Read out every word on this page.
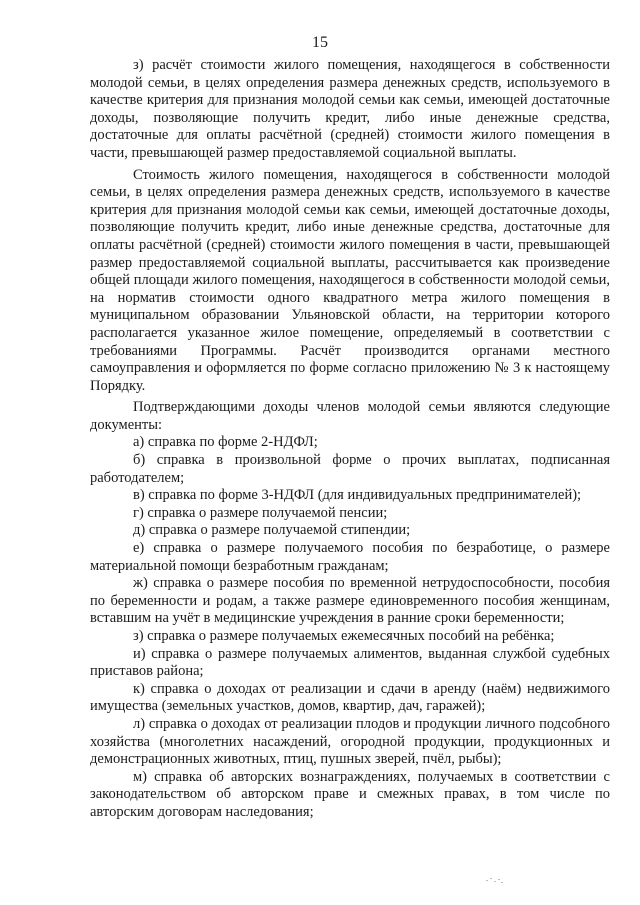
15

з) расчёт стоимости жилого помещения, находящегося в собственности молодой семьи, в целях определения размера денежных средств, используемого в качестве критерия для признания молодой семьи как семьи, имеющей достаточные доходы, позволяющие получить кредит, либо иные денежные средства, достаточные для оплаты расчётной (средней) стоимости жилого помещения в части, превышающей размер предоставляемой социальной выплаты.

Стоимость жилого помещения, находящегося в собственности молодой семьи, в целях определения размера денежных средств, используемого в качестве критерия для признания молодой семьи как семьи, имеющей достаточные доходы, позволяющие получить кредит, либо иные денежные средства, достаточные для оплаты расчётной (средней) стоимости жилого помещения в части, превышающей размер предоставляемой социальной выплаты, рассчитывается как произведение общей площади жилого помещения, находящегося в собственности молодой семьи, на норматив стоимости одного квадратного метра жилого помещения в муниципальном образовании Ульяновской области, на территории которого располагается указанное жилое помещение, определяемый в соответствии с требованиями Программы. Расчёт производится органами местного самоуправления и оформляется по форме согласно приложению № 3 к настоящему Порядку.

Подтверждающими доходы членов молодой семьи являются следующие документы:

а) справка по форме 2-НДФЛ;

б) справка в произвольной форме о прочих выплатах, подписанная работодателем;

в) справка по форме 3-НДФЛ (для индивидуальных предпринимателей);

г) справка о размере получаемой пенсии;

д) справка о размере получаемой стипендии;

е) справка о размере получаемого пособия по безработице, о размере материальной помощи безработным гражданам;

ж) справка о размере пособия по временной нетрудоспособности, пособия по беременности и родам, а также размере единовременного пособия женщинам, вставшим на учёт в медицинские учреждения в ранние сроки беременности;

з) справка о размере получаемых ежемесячных пособий на ребёнка;

и) справка о размере получаемых алиментов, выданная службой судебных приставов района;

к) справка о доходах от реализации и сдачи в аренду (наём) недвижимого имущества (земельных участков, домов, квартир, дач, гаражей);

л) справка о доходах от реализации плодов и продукции личного подсобного хозяйства (многолетних насаждений, огородной продукции, продукционных и демонстрационных животных, птиц, пушных зверей, пчёл, рыбы);

м) справка об авторских вознаграждениях, получаемых в соответствии с законодательством об авторском праве и смежных правах, в том числе по авторским договорам наследования;
